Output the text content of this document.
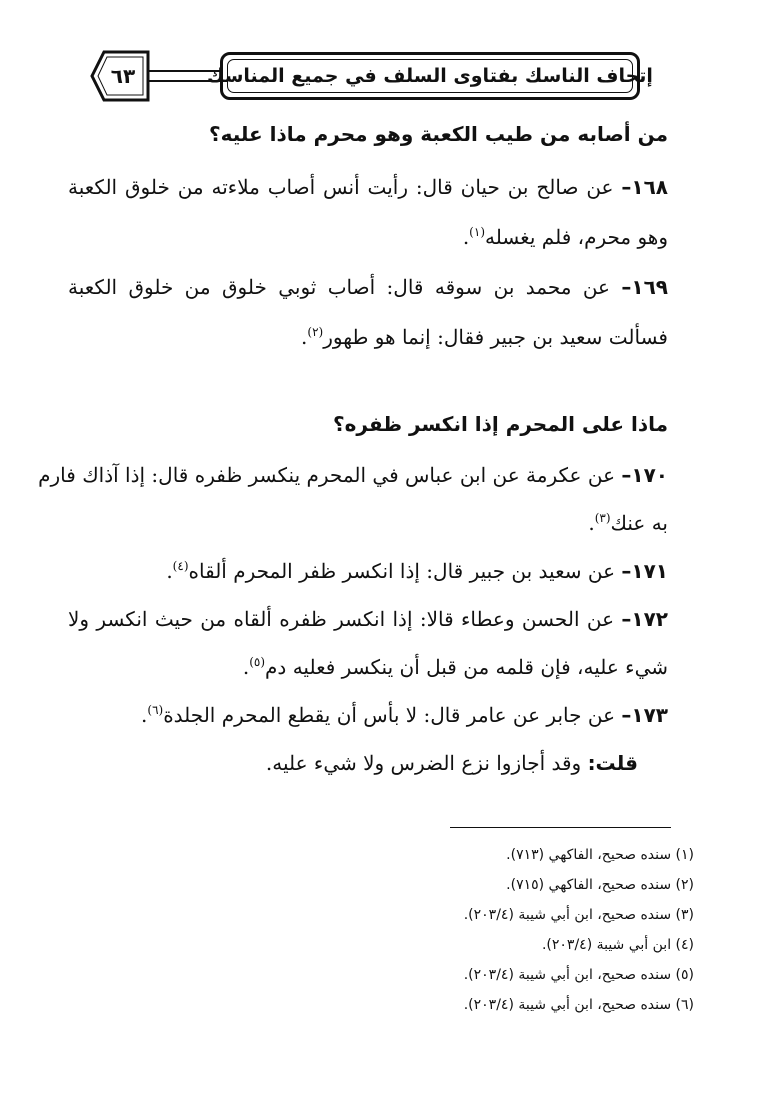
إتحاف الناسك بفتاوى السلف في جميع المناسك
٦٣
من أصابه من طيب الكعبة وهو محرم ماذا عليه؟
١٦٨– عن صالح بن حيان قال: رأيت أنس أصاب ملاءته من خلوق الكعبة
وهو محرم، فلم يغسله$^{(١)}$.
١٦٩– عن محمد بن سوقه قال: أصاب ثوبي خلوق من خلوق الكعبة
فسألت سعيد بن جبير فقال: إنما هو طهور$^{(٢)}$.
ماذا على المحرم إذا انكسر ظفره؟
١٧٠– عن عكرمة عن ابن عباس في المحرم ينكسر ظفره قال: إذا آذاك فارم
به عنك$^{(٣)}$.
١٧١– عن سعيد بن جبير قال: إذا انكسر ظفر المحرم ألقاه$^{(٤)}$.
١٧٢– عن الحسن وعطاء قالا: إذا انكسر ظفره ألقاه من حيث انكسر ولا
شيء عليه، فإن قلمه من قبل أن ينكسر فعليه دم$^{(٥)}$.
١٧٣– عن جابر عن عامر قال: لا بأس أن يقطع المحرم الجلدة$^{(٦)}$.
قلت: وقد أجازوا نزع الضرس ولا شيء عليه.
(١) سنده صحيح، الفاكهي (٧١٣).
(٢) سنده صحيح، الفاكهي (٧١٥).
(٣) سنده صحيح، ابن أبي شيبة (٢٠٣/٤).
(٤) ابن أبي شيبة (٢٠٣/٤).
(٥) سنده صحيح، ابن أبي شيبة (٢٠٣/٤).
(٦) سنده صحيح، ابن أبي شيبة (٢٠٣/٤).
